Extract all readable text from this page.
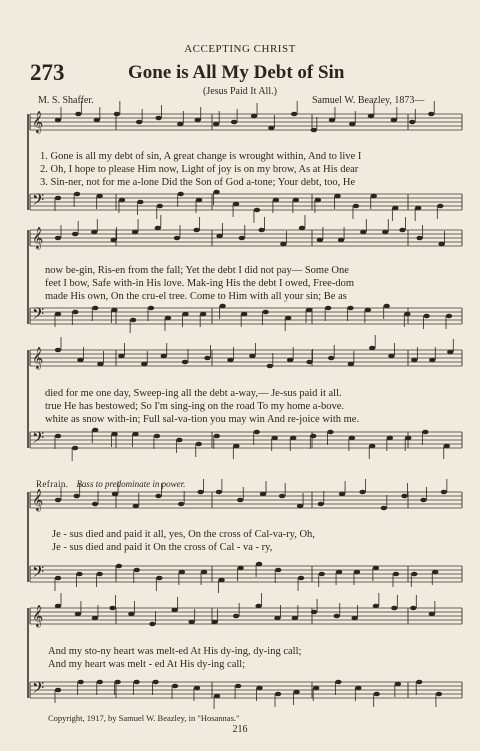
ACCEPTING CHRIST
273	Gone is All My Debt of Sin
(Jesus Paid It All.)
M. S. Shaffer.	Samuel W. Beazley, 1873—
𝄞
𝄢
𝄞
𝄢
𝄞
𝄢
𝄞
𝄢
𝄞
𝄢
1. Gone is all my debt of sin, A great change is wrought within, And to live I
2. Oh, I hope to please Him now, Light of joy is on my brow, As at His dear
3. Sin-ner, not for me a-lone Did the Son of God a-tone; Your debt, too, He
now be-gin, Ris-en from the fall; Yet the debt I did not pay— Some One
feet I bow, Safe with-in His love. Mak-ing His the debt I owed, Free-dom
made His own, On the cru-el tree. Come to Him with all your sin; Be as
died for me one day, Sweep-ing all the debt a-way,— Je-sus paid it all.
true He has bestowed; So I'm sing-ing on the road To my home a-bove.
white as snow with-in; Full sal-va-tion you may win And re-joice with me.
Refrain. Bass to predominate in power.
Je - sus died and paid it all, yes, On the cross of Cal-va-ry, Oh,
Je - sus died and paid it On the cross of Cal - va - ry,
And my sto-ny heart was melt-ed At His dy-ing, dy-ing call;
And my heart was melt - ed At His dy-ing call;
Copyright, 1917, by Samuel W. Beazley, in "Hosannas."
216
